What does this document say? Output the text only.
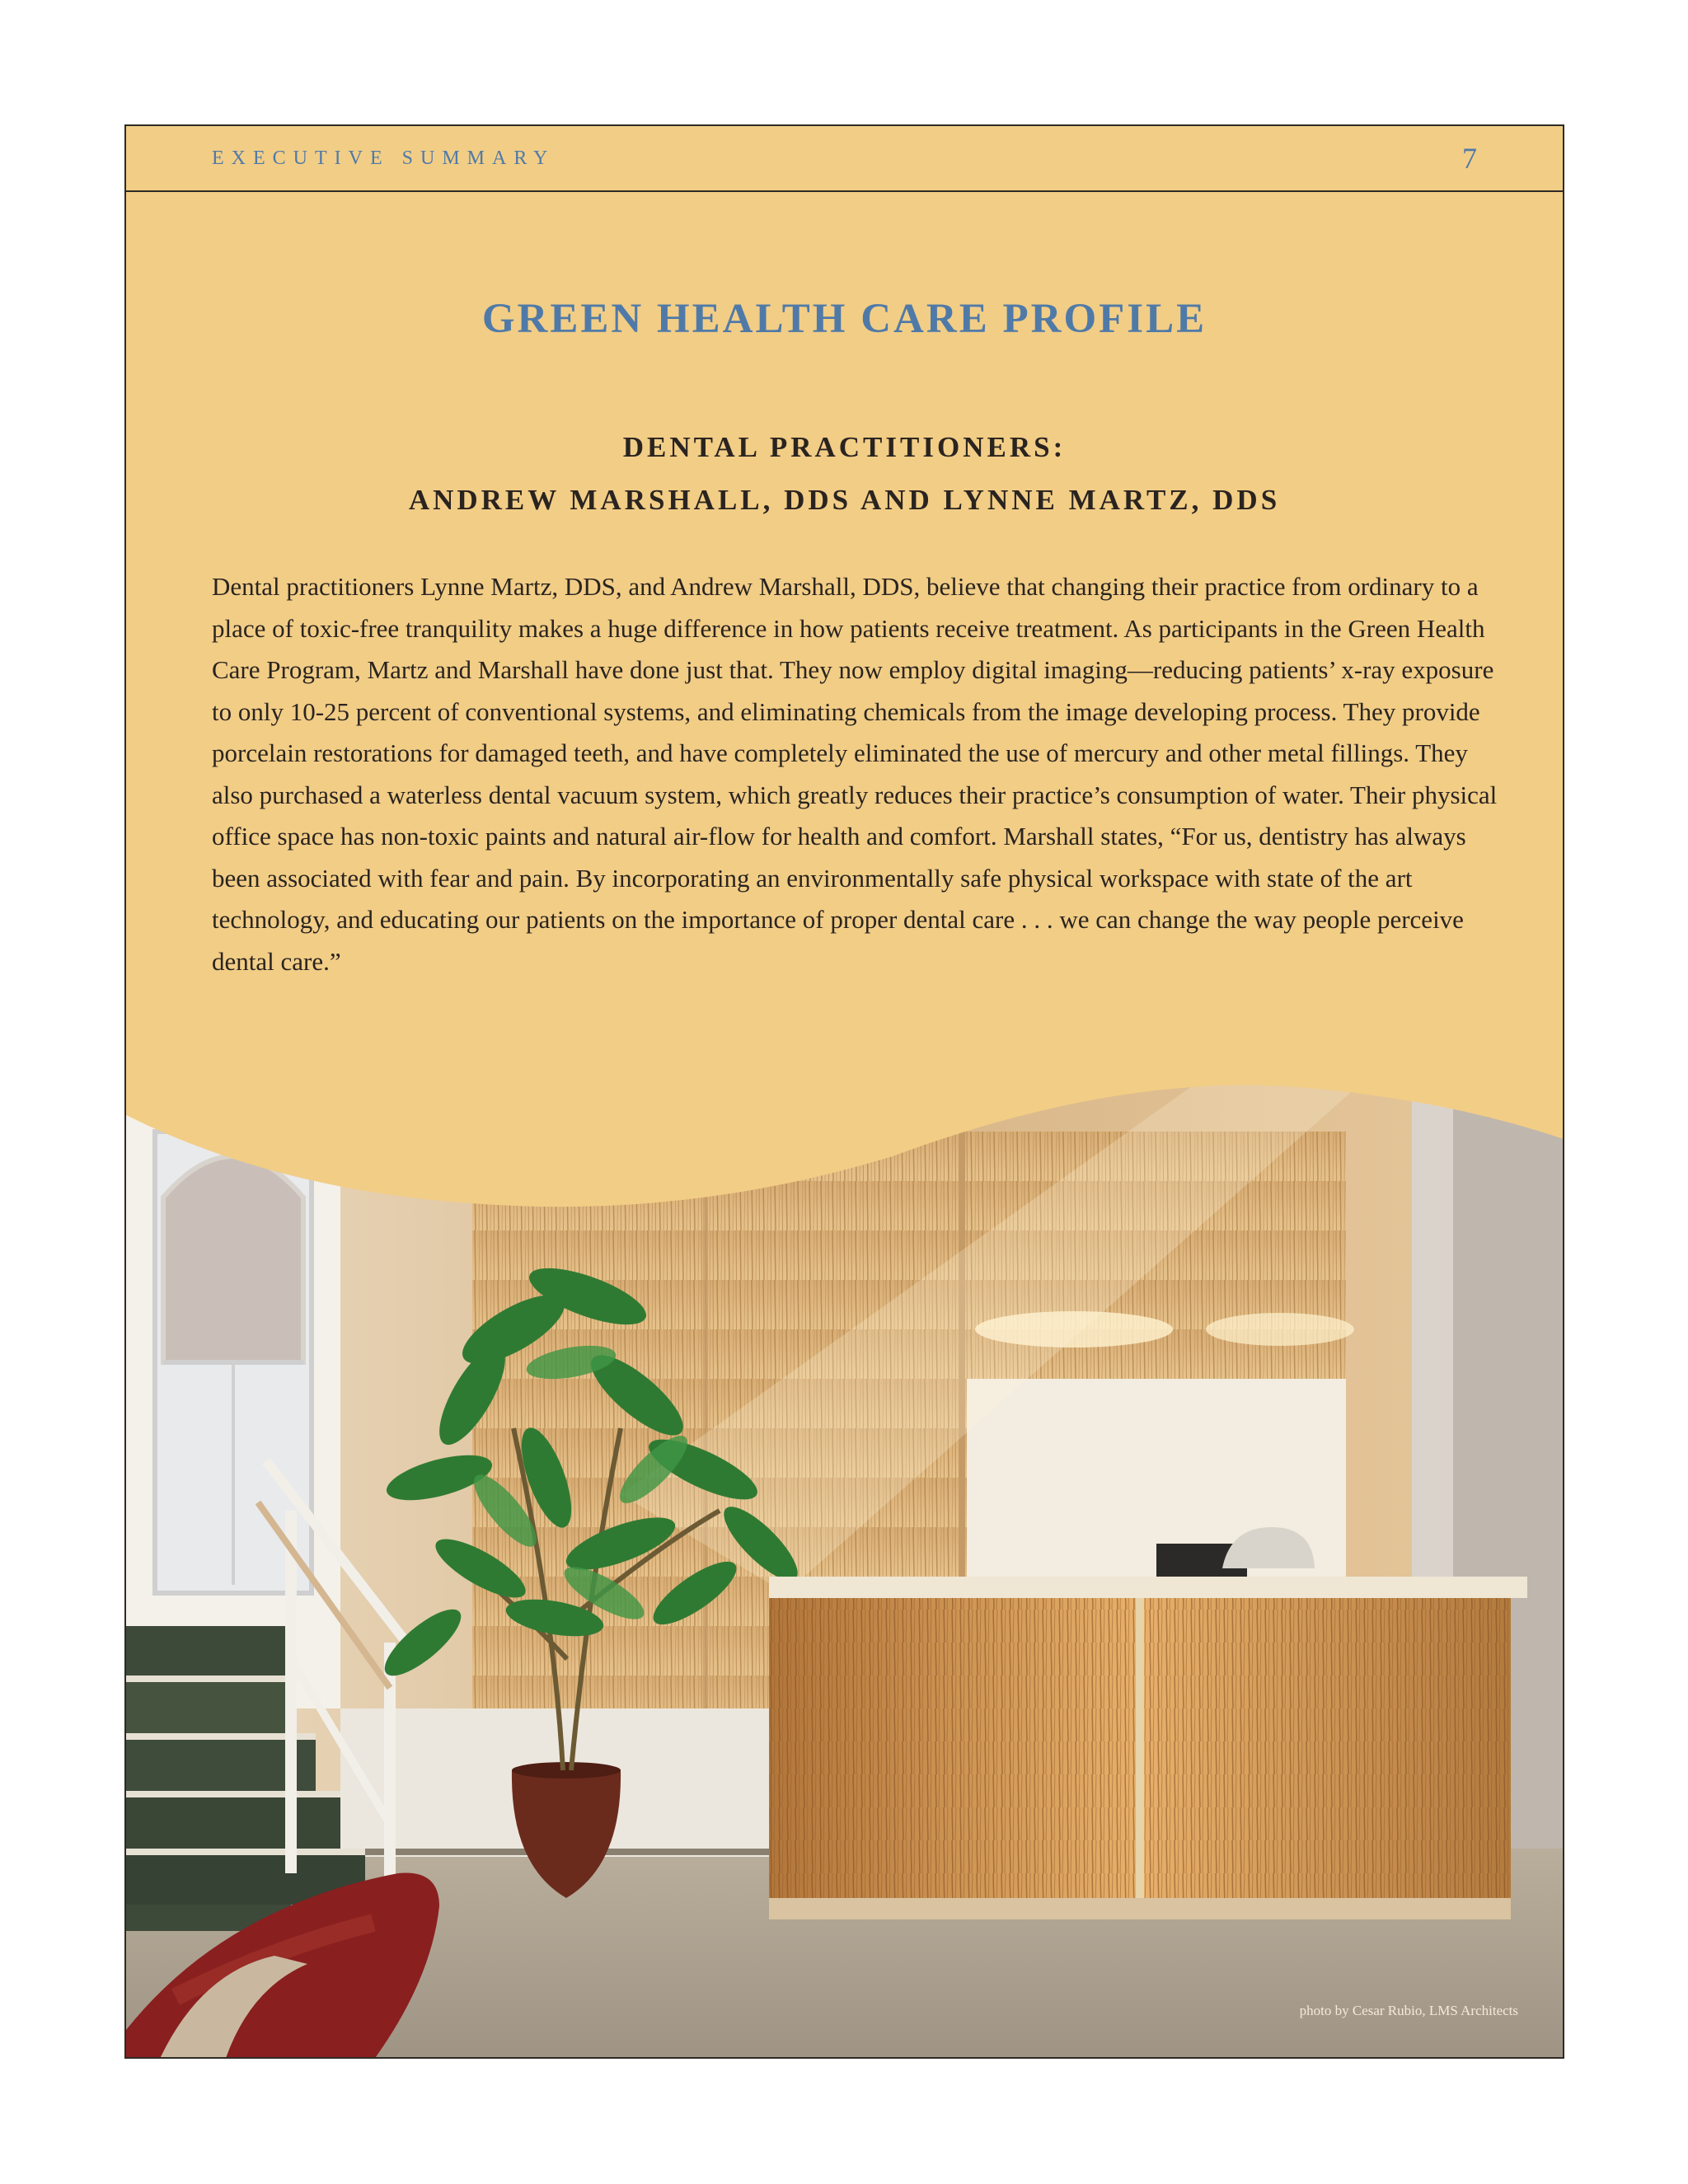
EXECUTIVE SUMMARY	7
GREEN HEALTH CARE PROFILE
DENTAL PRACTITIONERS:
ANDREW MARSHALL, DDS AND LYNNE MARTZ, DDS

Dental practitioners Lynne Martz, DDS, and Andrew Marshall, DDS, believe that changing their practice from ordinary to a place of toxic-free tranquility makes a huge difference in how patients receive treatment. As participants in the Green Health Care Program, Martz and Marshall have done just that. They now employ digital imaging—reducing patients’ x-ray exposure to only 10-25 percent of conventional systems, and eliminating chemicals from the image developing process. They provide porcelain restorations for damaged teeth, and have completely eliminated the use of mercury and other metal fillings. They also purchased a waterless dental vacuum system, which greatly reduces their practice’s consumption of water. Their physical office space has non-toxic paints and natural air-flow for health and comfort. Marshall states, “For us, dentistry has always been associated with fear and pain. By incorporating an environmentally safe physical workspace with state of the art technology, and educating our patients on the importance of proper dental care . . . we can change the way people perceive dental care.”

photo by Cesar Rubio, LMS Architects
